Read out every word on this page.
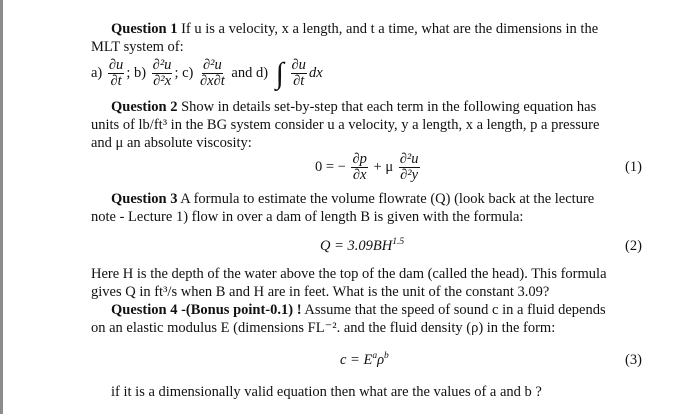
Question 1 If u is a velocity, x a length, and t a time, what are the dimensions in the
MLT system of:
$a) \frac{\partial u}{\partial t}$ ; $b) \frac{\text{∂²u}}{\text{∂²x}}$ ; $c) \frac{\text{∂²u}}{\partial x\partial t}$ and d) ∫ $\frac{\partial u}{\partial t}$ dx
Question 2 Show in details set-by-step that each term in the following equation has
units of lb/ft³ in the BG system consider u a velocity, y a length, x a length, p a pressure
and μ an absolute viscosity:
0 = − $\frac{\partial p}{\partial x} + \mu \frac{\text{∂²u}}{\text{∂²y}}$	(1)
Question 3 A formula to estimate the volume flowrate (Q) (look back at the lecture
note - Lecture 1) flow in over a dam of length B is given with the formula:
$Q = 3.09BH^{1.5}$	(2)
Here H is the depth of the water above the top of the dam (called the head). This formula
gives Q in ft³/s when B and H are in feet. What is the unit of the constant 3.09?
Question 4 -(Bonus point-0.1) ! Assume that the speed of sound c in a fluid depends
on an elastic modulus E (dimensions FL⁻². and the fluid density (ρ) in the form:
$c = E^a\rho^b$	(3)
if it is a dimensionally valid equation then what are the values of a and b ?
